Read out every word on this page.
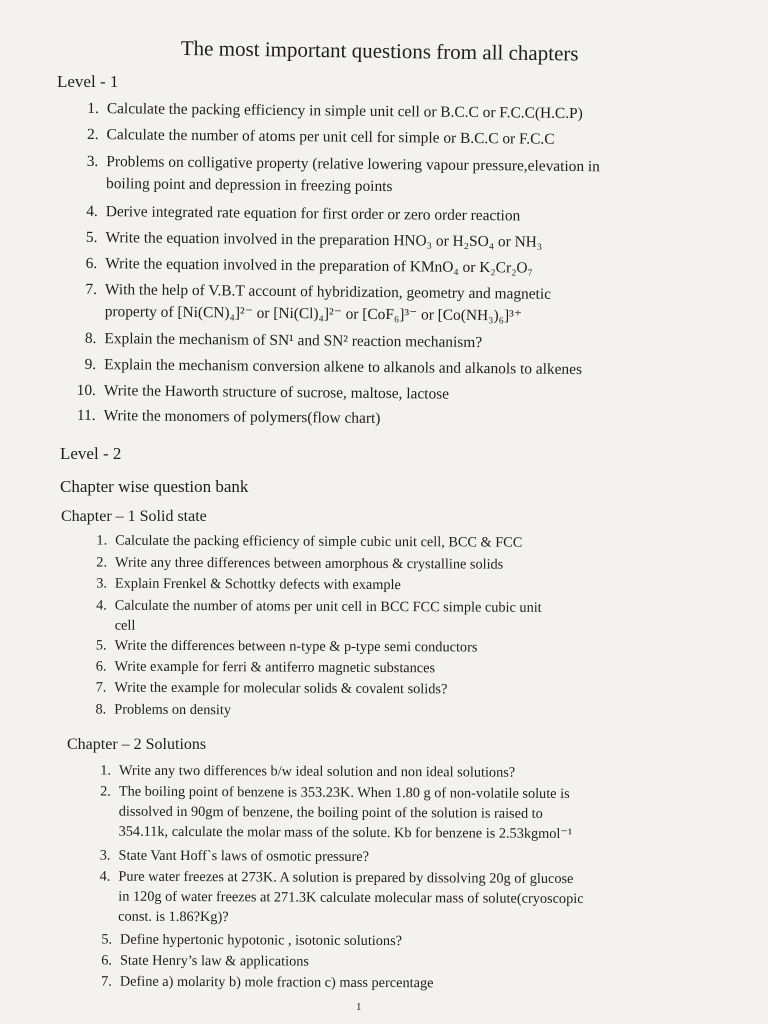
The most important questions from all chapters
Level - 1
1. Calculate the packing efficiency in simple unit cell or B.C.C or F.C.C(H.C.P)
2. Calculate the number of atoms per unit cell for simple or B.C.C or F.C.C
3. Problems on colligative property (relative lowering vapour pressure,elevation in
boiling point and depression in freezing points
4. Derive integrated rate equation for first order or zero order reaction
5. Write the equation involved in the preparation HNO₃ or H₂SO₄ or NH₃
6. Write the equation involved in the preparation of KMnO₄ or K₂Cr₂O₇
7. With the help of V.B.T account of hybridization, geometry and magnetic
property of [Ni(CN)₄]²⁻ or [Ni(Cl)₄]²⁻ or [CoF₆]³⁻ or [Co(NH₃)₆]³⁺
8. Explain the mechanism of SN¹ and SN² reaction mechanism?
9. Explain the mechanism conversion alkene to alkanols and alkanols to alkenes
10. Write the Haworth structure of sucrose, maltose, lactose
11. Write the monomers of polymers(flow chart)
Level - 2
Chapter wise question bank
Chapter – 1 Solid state
1. Calculate the packing efficiency of simple cubic unit cell, BCC & FCC
2. Write any three differences between amorphous & crystalline solids
3. Explain Frenkel & Schottky defects with example
4. Calculate the number of atoms per unit cell in BCC FCC simple cubic unit
cell
5. Write the differences between n-type & p-type semi conductors
6. Write example for ferri & antiferro magnetic substances
7. Write the example for molecular solids & covalent solids?
8. Problems on density
Chapter – 2 Solutions
1. Write any two differences b/w ideal solution and non ideal solutions?
2. The boiling point of benzene is 353.23K. When 1.80 g of non-volatile solute is
dissolved in 90gm of benzene, the boiling point of the solution is raised to
354.11k, calculate the molar mass of the solute. Kb for benzene is 2.53kgmol⁻¹
3. State Vant Hoff`s laws of osmotic pressure?
4. Pure water freezes at 273K. A solution is prepared by dissolving 20g of glucose
in 120g of water freezes at 271.3K calculate molecular mass of solute(cryoscopic
const. is 1.86?Kg)?
5. Define hypertonic hypotonic , isotonic solutions?
6. State Henry’s law & applications
7. Define a) molarity b) mole fraction c) mass percentage
1
